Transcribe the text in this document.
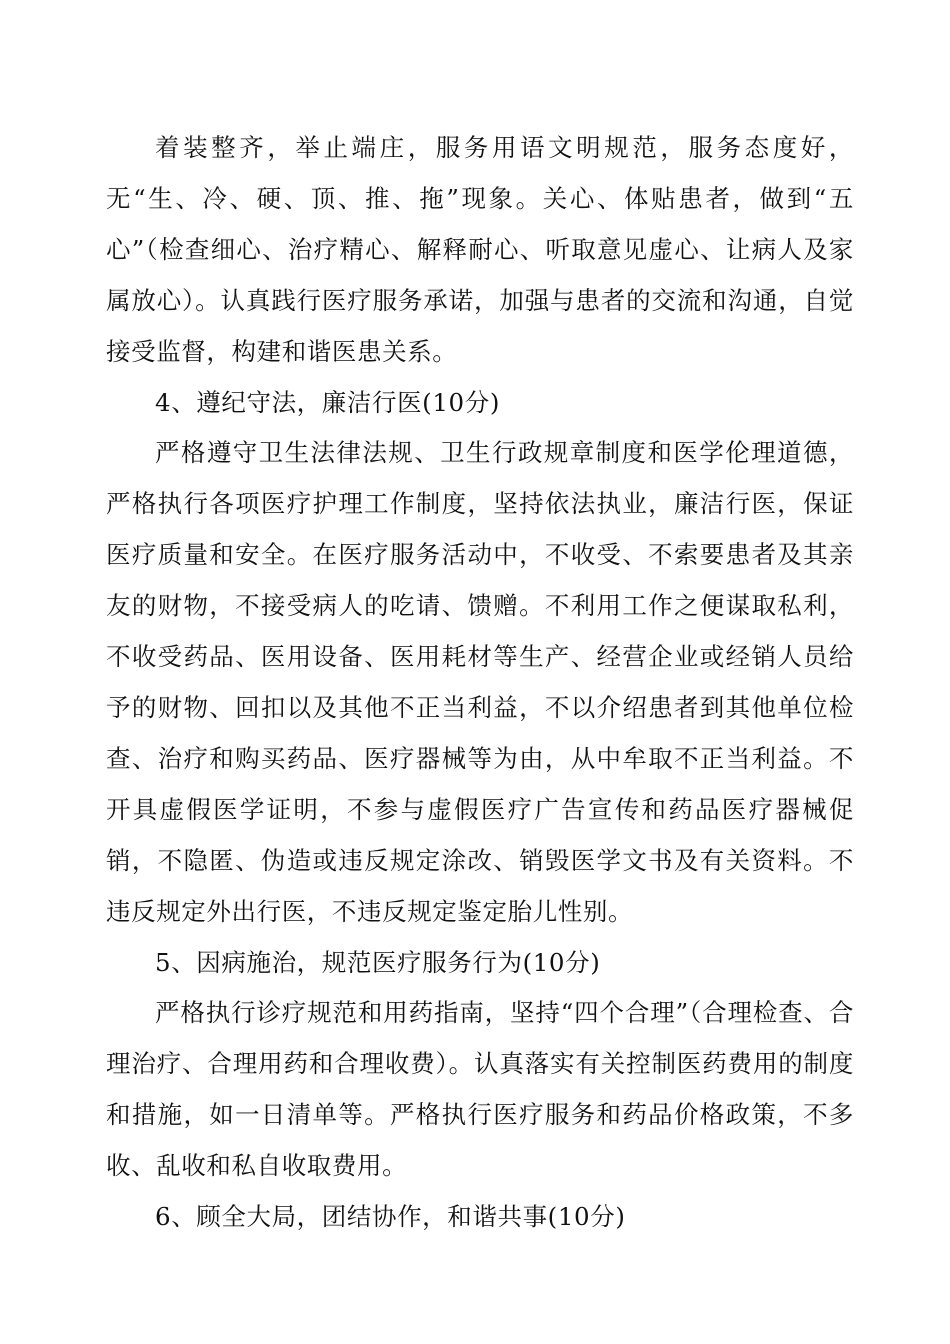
着装整齐，举止端庄，服务用语文明规范，服务态度好，无“生、冷、硬、顶、推、拖”现象。关心、体贴患者，做到“五心”（检查细心、治疗精心、解释耐心、听取意见虚心、让病人及家属放心）。认真践行医疗服务承诺，加强与患者的交流和沟通，自觉接受监督，构建和谐医患关系。

4、遵纪守法，廉洁行医(10分)

严格遵守卫生法律法规、卫生行政规章制度和医学伦理道德，严格执行各项医疗护理工作制度，坚持依法执业，廉洁行医，保证医疗质量和安全。在医疗服务活动中，不收受、不索要患者及其亲友的财物，不接受病人的吃请、馈赠。不利用工作之便谋取私利，不收受药品、医用设备、医用耗材等生产、经营企业或经销人员给予的财物、回扣以及其他不正当利益，不以介绍患者到其他单位检查、治疗和购买药品、医疗器械等为由，从中牟取不正当利益。不开具虚假医学证明，不参与虚假医疗广告宣传和药品医疗器械促销，不隐匿、伪造或违反规定涂改、销毁医学文书及有关资料。不违反规定外出行医，不违反规定鉴定胎儿性别。

5、因病施治，规范医疗服务行为(10分)

严格执行诊疗规范和用药指南，坚持“四个合理”（合理检查、合理治疗、合理用药和合理收费）。认真落实有关控制医药费用的制度和措施，如一日清单等。严格执行医疗服务和药品价格政策，不多收、乱收和私自收取费用。

6、顾全大局，团结协作，和谐共事(10分)
